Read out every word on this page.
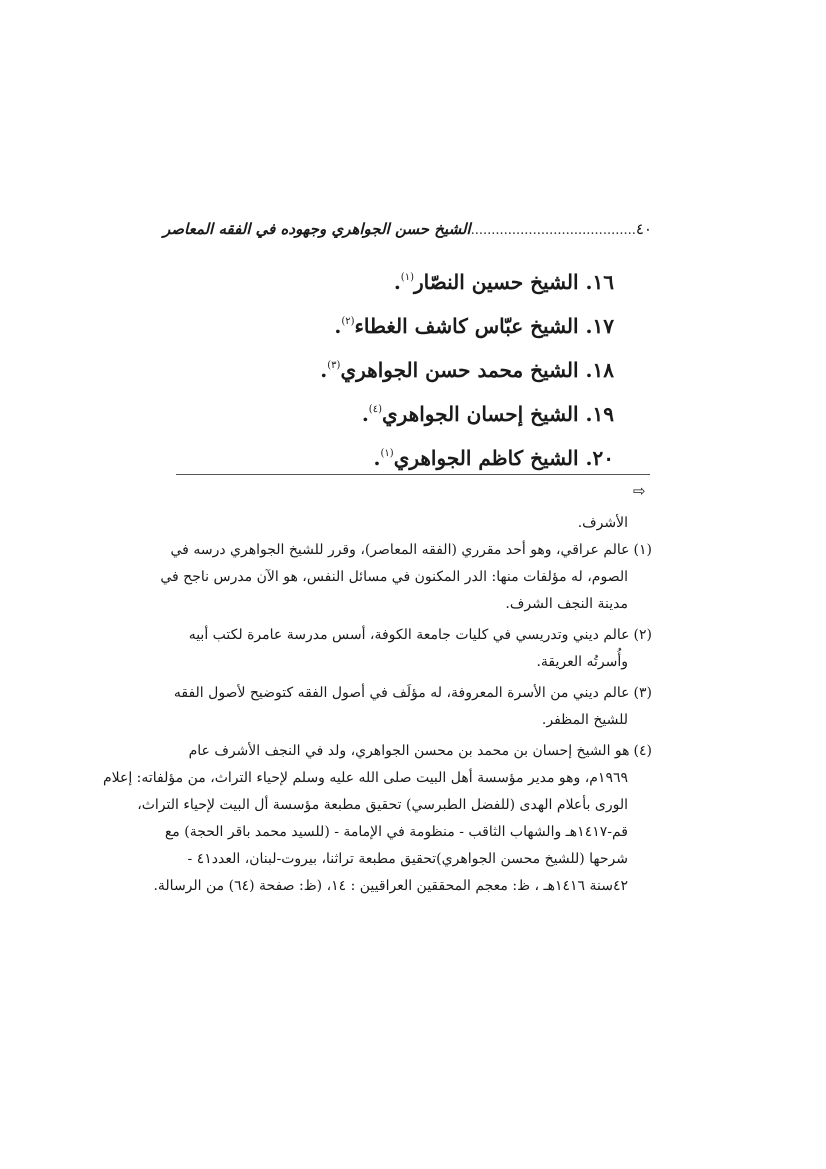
٤٠
........................................
الشيخ حسن الجواهري وجهوده في الفقه المعاصر
١٦. الشيخ حسين النصّار$^{(١)}$.
١٧. الشيخ عبّاس كاشف الغطاء$^{(٢)}$.
١٨. الشيخ محمد حسن الجواهري$^{(٣)}$.
١٩. الشيخ إحسان الجواهري$^{(٤)}$.
٢٠. الشيخ كاظم الجواهري$^{(١)}$.
⇨
الأشرف.
(١)عالم عراقي، وهو أحد مقرري (الفقه المعاصر)، وقرر للشيخ الجواهري درسه في
الصوم، له مؤلفات منها: الدر المكنون في مسائل النفس، هو الآن مدرس ناجح في
مدينة النجف الشرف.
(٢)عالم ديني وتدريسي في كليات جامعة الكوفة، أسس مدرسة عامرة لكتب أبيه
وأُسرتُه العريقة.
(٣)عالم ديني من الأسرة المعروفة، له مؤلَف في أصول الفقه كتوضيح لأصول الفقه
للشيخ المظفر.
(٤)هو الشيخ إحسان بن محمد بن محسن الجواهري، ولد في النجف الأشرف عام
١٩٦٩م، وهو مدير مؤسسة أهل البيت صلى الله عليه وسلم لإحياء التراث، من مؤلفاته: إعلام
الورى بأعلام الهدى (للفضل الطبرسي) تحقيق مطبعة مؤسسة أل البيت لإحياء التراث،
قم-١٤١٧هـ والشهاب الثاقب - منظومة في الإمامة - (للسيد محمد باقر الحجة) مع
شرحها (للشيخ محسن الجواهري)تحقيق مطبعة تراثنا، بيروت-لبنان، العدد٤١ -
٤٢سنة ١٤١٦هـ ، ظ: معجم المحققين العراقيين : ١٤، (ظ: صفحة (٦٤) من الرسالة.
